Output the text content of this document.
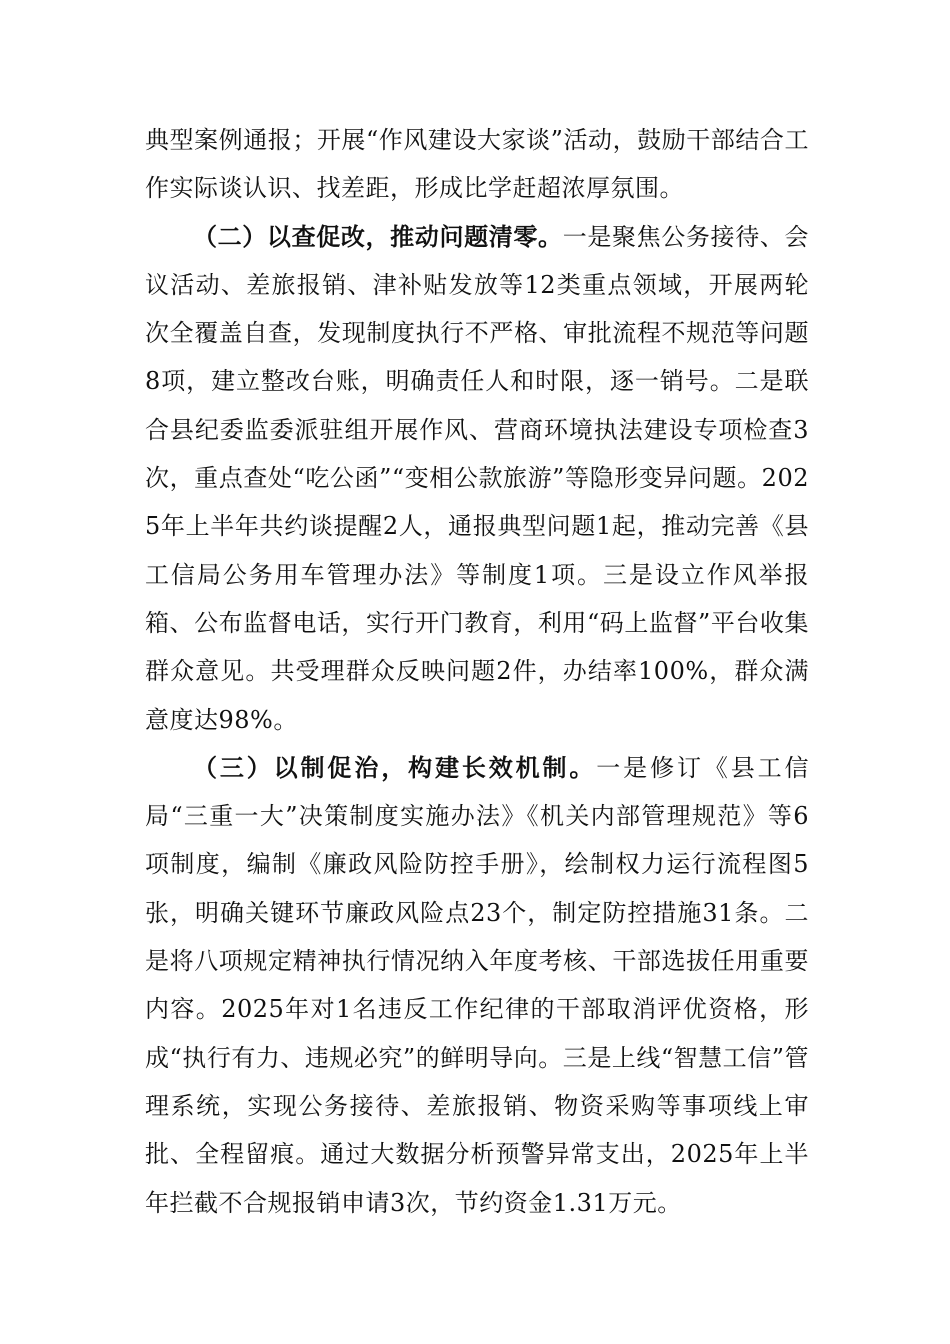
典型案例通报；开展“作风建设大家谈”活动，鼓励干部结合工作实际谈认识、找差距，形成比学赶超浓厚氛围。

（二）以查促改，推动问题清零。一是聚焦公务接待、会议活动、差旅报销、津补贴发放等12类重点领域，开展两轮次全覆盖自查，发现制度执行不严格、审批流程不规范等问题8项，建立整改台账，明确责任人和时限，逐一销号。二是联合县纪委监委派驻组开展作风、营商环境执法建设专项检查3次，重点查处“吃公函”“变相公款旅游”等隐形变异问题。2025年上半年共约谈提醒2人，通报典型问题1起，推动完善《县工信局公务用车管理办法》等制度1项。三是设立作风举报箱、公布监督电话，实行开门教育，利用“码上监督”平台收集群众意见。共受理群众反映问题2件，办结率100%，群众满意度达98%。

（三）以制促治，构建长效机制。一是修订《县工信局“三重一大”决策制度实施办法》《机关内部管理规范》等6项制度，编制《廉政风险防控手册》，绘制权力运行流程图5张，明确关键环节廉政风险点23个，制定防控措施31条。二是将八项规定精神执行情况纳入年度考核、干部选拔任用重要内容。2025年对1名违反工作纪律的干部取消评优资格，形成“执行有力、违规必究”的鲜明导向。三是上线“智慧工信”管理系统，实现公务接待、差旅报销、物资采购等事项线上审批、全程留痕。通过大数据分析预警异常支出，2025年上半年拦截不合规报销申请3次，节约资金1.31万元。
